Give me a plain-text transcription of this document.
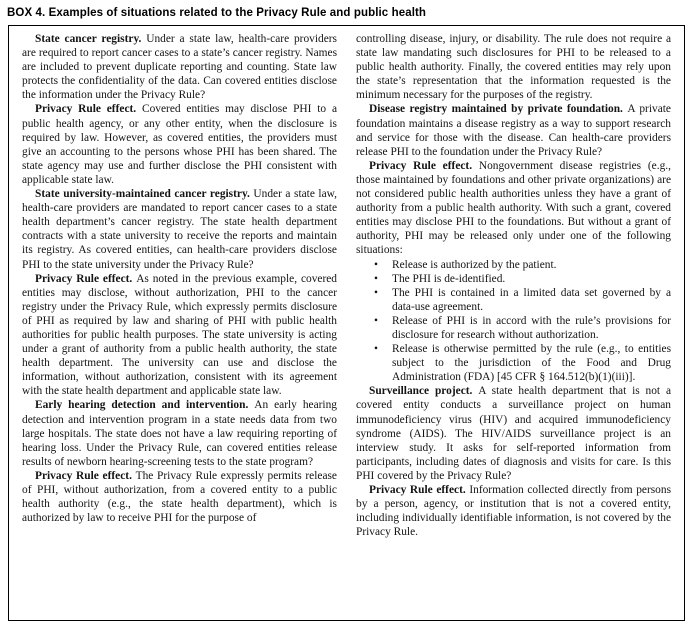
BOX 4. Examples of situations related to the Privacy Rule and public health

State cancer registry. Under a state law, health-care providers are required to report cancer cases to a state’s cancer registry. Names are included to prevent duplicate reporting and counting. State law protects the confidentiality of the data. Can covered entities disclose the information under the Privacy Rule?

Privacy Rule effect. Covered entities may disclose PHI to a public health agency, or any other entity, when the disclosure is required by law. However, as covered entities, the providers must give an accounting to the persons whose PHI has been shared. The state agency may use and further disclose the PHI consistent with applicable state law.

State university-maintained cancer registry. Under a state law, health-care providers are mandated to report cancer cases to a state health department’s cancer registry. The state health department contracts with a state university to receive the reports and maintain its registry. As covered entities, can health-care providers disclose PHI to the state university under the Privacy Rule?

Privacy Rule effect. As noted in the previous example, covered entities may disclose, without authorization, PHI to the cancer registry under the Privacy Rule, which expressly permits disclosure of PHI as required by law and sharing of PHI with public health authorities for public health purposes. The state university is acting under a grant of authority from a public health authority, the state health department. The university can use and disclose the information, without authorization, consistent with its agreement with the state health department and applicable state law.

Early hearing detection and intervention. An early hearing detection and intervention program in a state needs data from two large hospitals. The state does not have a law requiring reporting of hearing loss. Under the Privacy Rule, can covered entities release results of newborn hearing-screening tests to the state program?

Privacy Rule effect. The Privacy Rule expressly permits release of PHI, without authorization, from a covered entity to a public health authority (e.g., the state health department), which is authorized by law to receive PHI for the purpose of

controlling disease, injury, or disability. The rule does not require a state law mandating such disclosures for PHI to be released to a public health authority. Finally, the covered entities may rely upon the state’s representation that the information requested is the minimum necessary for the purposes of the registry.

Disease registry maintained by private foundation. A private foundation maintains a disease registry as a way to support research and service for those with the disease. Can health-care providers release PHI to the foundation under the Privacy Rule?

Privacy Rule effect. Nongovernment disease registries (e.g., those maintained by foundations and other private organizations) are not considered public health authorities unless they have a grant of authority from a public health authority. With such a grant, covered entities may disclose PHI to the foundations. But without a grant of authority, PHI may be released only under one of the following situations:

• Release is authorized by the patient.
• The PHI is de-identified.
• The PHI is contained in a limited data set governed by a data-use agreement.
• Release of PHI is in accord with the rule’s provisions for disclosure for research without authorization.
• Release is otherwise permitted by the rule (e.g., to entities subject to the jurisdiction of the Food and Drug Administration (FDA) [45 CFR § 164.512(b)(1)(iii)].

Surveillance project. A state health department that is not a covered entity conducts a surveillance project on human immunodeficiency virus (HIV) and acquired immunodeficiency syndrome (AIDS). The HIV/AIDS surveillance project is an interview study. It asks for self-reported information from participants, including dates of diagnosis and visits for care. Is this PHI covered by the Privacy Rule?

Privacy Rule effect. Information collected directly from persons by a person, agency, or institution that is not a covered entity, including individually identifiable information, is not covered by the Privacy Rule.
